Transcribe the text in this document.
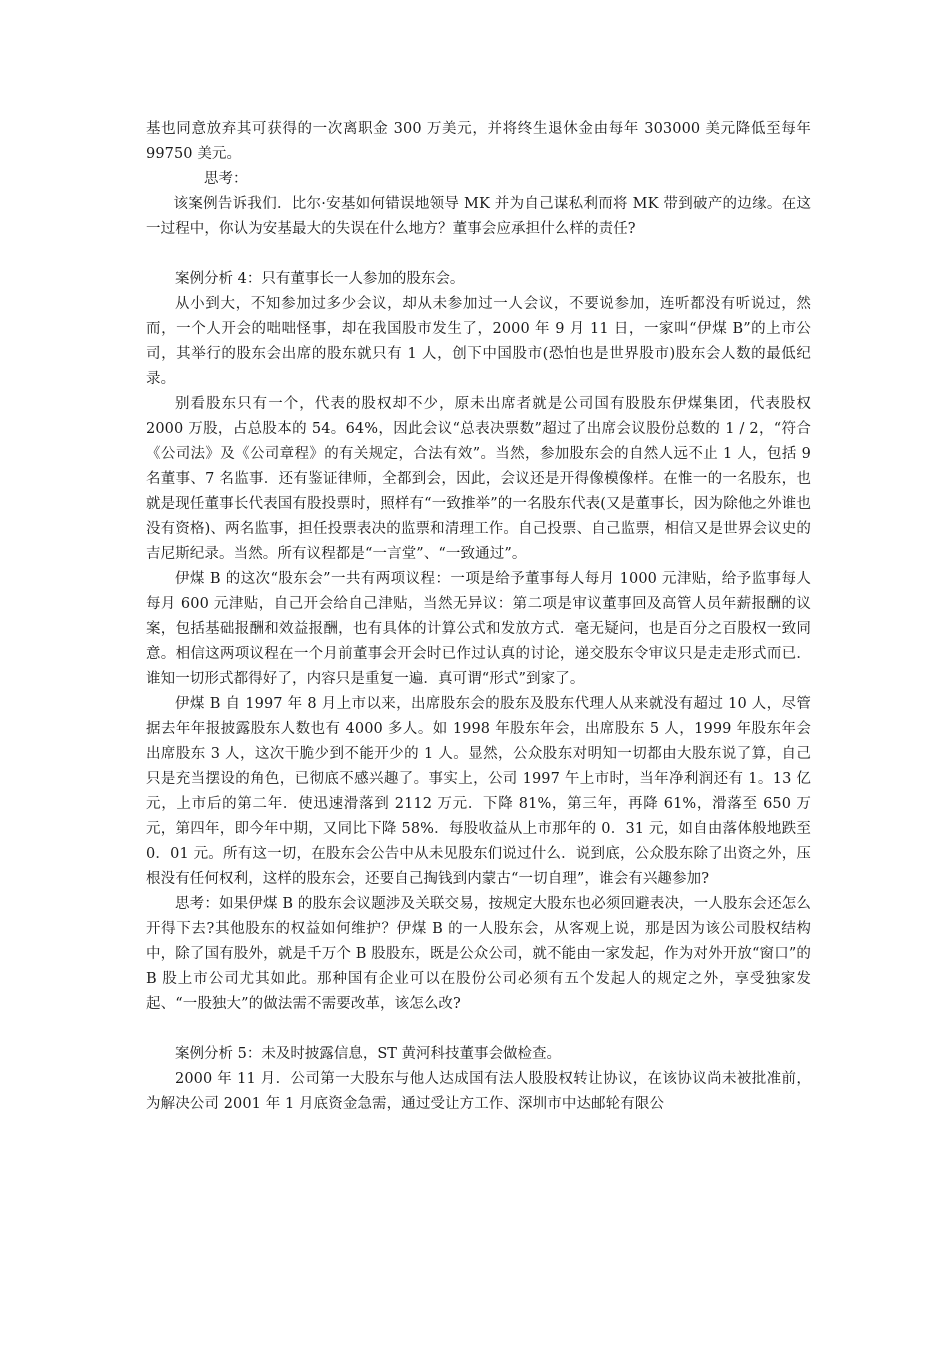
基也同意放弃其可获得的一次离职金 300 万美元，并将终生退休金由每年 303000 美元降低至每年 99750 美元。

思考：

该案例告诉我们．比尔·安基如何错误地领导 MK 并为自己谋私利而将 MK 带到破产的边缘。在这一过程中，你认为安基最大的失误在什么地方？董事会应承担什么样的责任?

案例分析 4：只有董事长一人参加的股东会。

从小到大，不知参加过多少会议，却从未参加过一人会议，不要说参加，连听都没有听说过，然而，一个人开会的咄咄怪事，却在我国股市发生了，2000 年 9 月 11 日，一家叫“伊煤 B”的上市公司，其举行的股东会出席的股东就只有 1 人，创下中国股市(恐怕也是世界股市)股东会人数的最低纪录。

别看股东只有一个，代表的股权却不少，原未出席者就是公司国有股股东伊煤集团，代表股权 2000 万股，占总股本的 54。64%，因此会议“总表决票数”超过了出席会议股份总数的 1 / 2，“符合《公司法》及《公司章程》的有关规定，合法有效”。当然，参加股东会的自然人远不止 1 人，包括 9 名董事、7 名监事．还有鉴证律师，全都到会，因此，会议还是开得像模像样。在惟一的一名股东，也就是现任董事长代表国有股投票时，照样有“一致推举”的一名股东代表(又是董事长，因为除他之外谁也没有资格)、两名监事，担任投票表决的监票和清理工作。自己投票、自己监票，相信又是世界会议史的吉尼斯纪录。当然。所有议程都是“一言堂”、“一致通过”。

伊煤 B 的这次“股东会”一共有两项议程：一项是给予董事每人每月 1000 元津贴，给予监事每人每月 600 元津贴，自己开会给自己津贴，当然无异议：第二项是审议董事回及高管人员年薪报酬的议案，包括基础报酬和效益报酬，也有具体的计算公式和发放方式．毫无疑问，也是百分之百股权一致同意。相信这两项议程在一个月前董事会开会时已作过认真的讨论，递交股东令审议只是走走形式而已．谁知一切形式都得好了，内容只是重复一遍．真可谓“形式”到家了。

伊煤 B 自 1997 年 8 月上市以来，出席股东会的股东及股东代理人从来就没有超过 10 人，尽管据去年年报披露股东人数也有 4000 多人。如 1998 年股东年会，出席股东 5 人，1999 年股东年会出席股东 3 人，这次干脆少到不能开少的 1 人。显然，公众股东对明知一切都由大股东说了算，自己只是充当摆设的角色，已彻底不感兴趣了。事实上，公司 1997 午上市时，当年净利润还有 1。13 亿元，上市后的第二年．使迅速滑落到 2112 万元．下降 81%，第三年，再降 61%，滑落至 650 万元，第四年，即今年中期，又同比下降 58%．每股收益从上市那年的 0．31 元，如自由落体般地跌至 0．01 元。所有这一切，在股东会公告中从未见股东们说过什么．说到底，公众股东除了出资之外，压根没有任何权利，这样的股东会，还要自己掏钱到内蒙古“一切自理”，谁会有兴趣参加?

思考：如果伊煤 B 的股东会议题涉及关联交易，按规定大股东也必须回避表决，一人股东会还怎么开得下去?其他股东的权益如何维护？伊煤 B 的一人股东会，从客观上说，那是因为该公司股权结构中，除了国有股外，就是千万个 B 股股东，既是公众公司，就不能由一家发起，作为对外开放“窗口”的 B 股上市公司尤其如此。那种国有企业可以在股份公司必须有五个发起人的规定之外，享受独家发起、“一股独大”的做法需不需要改革，该怎么改?

案例分析 5：未及时披露信息，ST 黄河科技董事会做检查。

2000 年 11 月．公司第一大股东与他人达成国有法人股股权转让协议，在该协议尚未被批准前，为解决公司 2001 年 1 月底资金急需，通过受让方工作、深圳市中达邮轮有限公
